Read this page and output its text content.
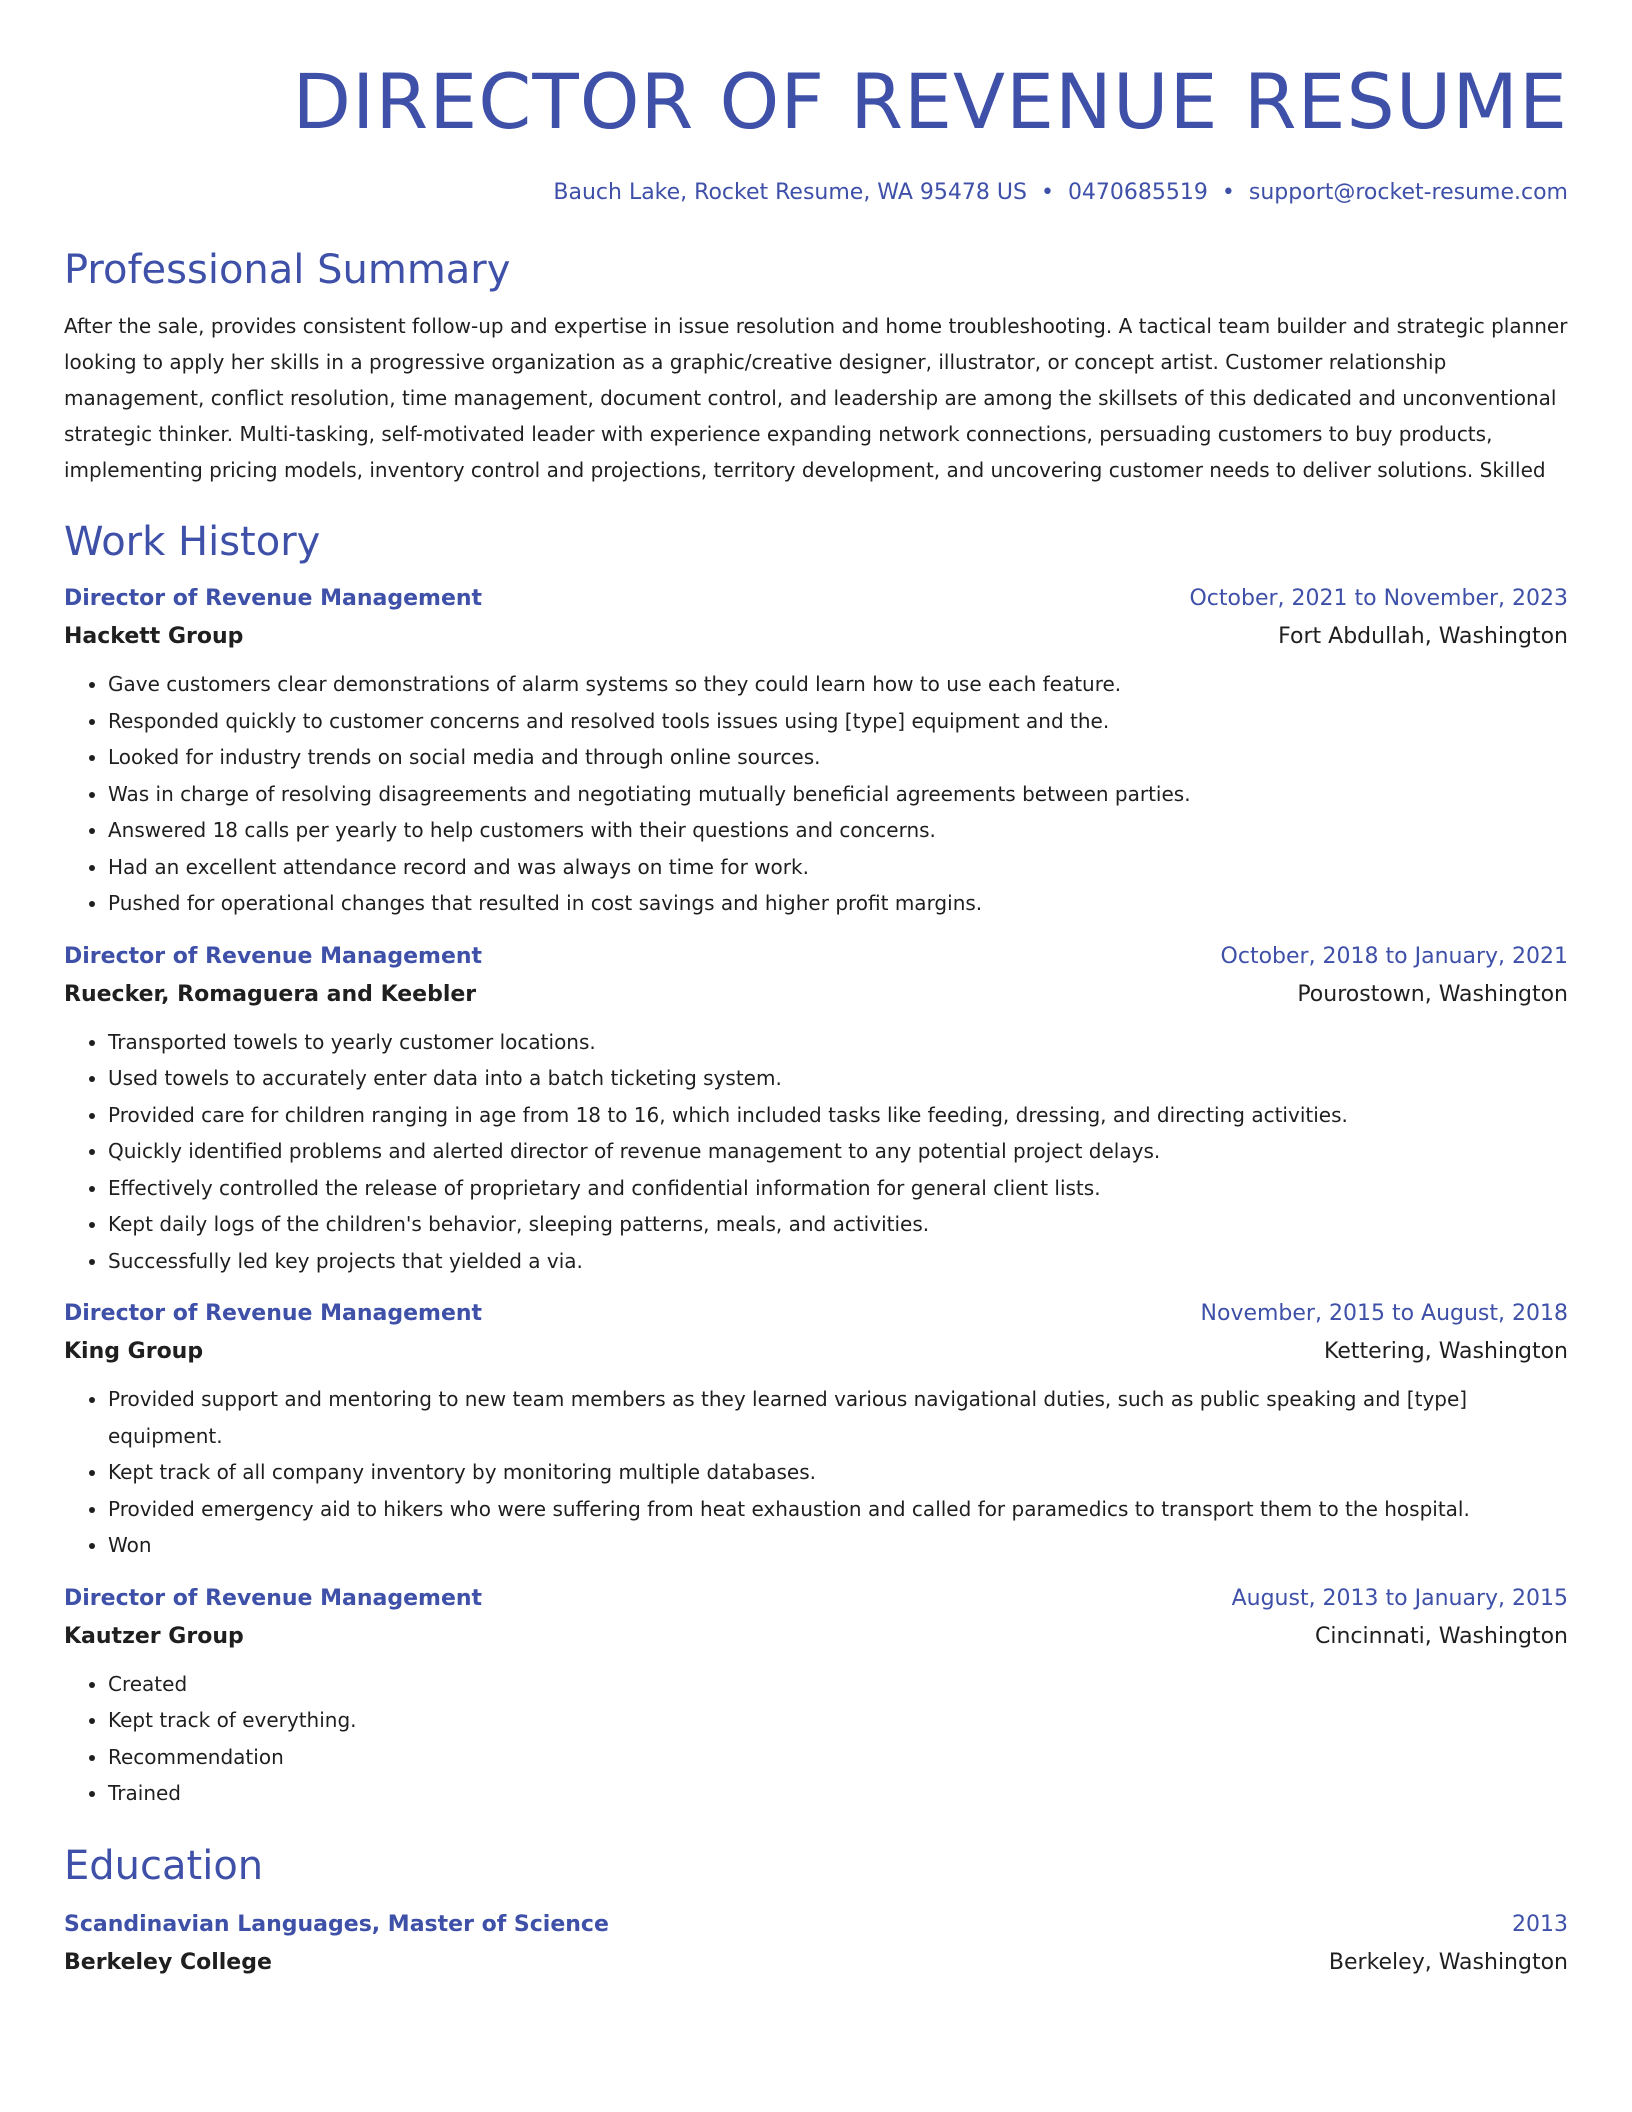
DIRECTOR OF REVENUE RESUME
Bauch Lake, Rocket Resume, WA 95478 US • 0470685519 • support@rocket-resume.com
Professional Summary
After the sale, provides consistent follow-up and expertise in issue resolution and home troubleshooting. A tactical team builder and strategic planner looking to apply her skills in a progressive organization as a graphic/creative designer, illustrator, or concept artist. Customer relationship management, conflict resolution, time management, document control, and leadership are among the skillsets of this dedicated and unconventional strategic thinker. Multi-tasking, self-motivated leader with experience expanding network connections, persuading customers to buy products, implementing pricing models, inventory control and projections, territory development, and uncovering customer needs to deliver solutions. Skilled
Work History
Director of Revenue Management	October, 2021 to November, 2023
Hackett Group	Fort Abdullah, Washington
• Gave customers clear demonstrations of alarm systems so they could learn how to use each feature.
• Responded quickly to customer concerns and resolved tools issues using [type] equipment and the.
• Looked for industry trends on social media and through online sources.
• Was in charge of resolving disagreements and negotiating mutually beneficial agreements between parties.
• Answered 18 calls per yearly to help customers with their questions and concerns.
• Had an excellent attendance record and was always on time for work.
• Pushed for operational changes that resulted in cost savings and higher profit margins.
Director of Revenue Management	October, 2018 to January, 2021
Ruecker, Romaguera and Keebler	Pourostown, Washington
• Transported towels to yearly customer locations.
• Used towels to accurately enter data into a batch ticketing system.
• Provided care for children ranging in age from 18 to 16, which included tasks like feeding, dressing, and directing activities.
• Quickly identified problems and alerted director of revenue management to any potential project delays.
• Effectively controlled the release of proprietary and confidential information for general client lists.
• Kept daily logs of the children's behavior, sleeping patterns, meals, and activities.
• Successfully led key projects that yielded a via.
Director of Revenue Management	November, 2015 to August, 2018
King Group	Kettering, Washington
• Provided support and mentoring to new team members as they learned various navigational duties, such as public speaking and [type] equipment.
• Kept track of all company inventory by monitoring multiple databases.
• Provided emergency aid to hikers who were suffering from heat exhaustion and called for paramedics to transport them to the hospital.
• Won
Director of Revenue Management	August, 2013 to January, 2015
Kautzer Group	Cincinnati, Washington
• Created
• Kept track of everything.
• Recommendation
• Trained
Education
Scandinavian Languages, Master of Science	2013
Berkeley College	Berkeley, Washington
